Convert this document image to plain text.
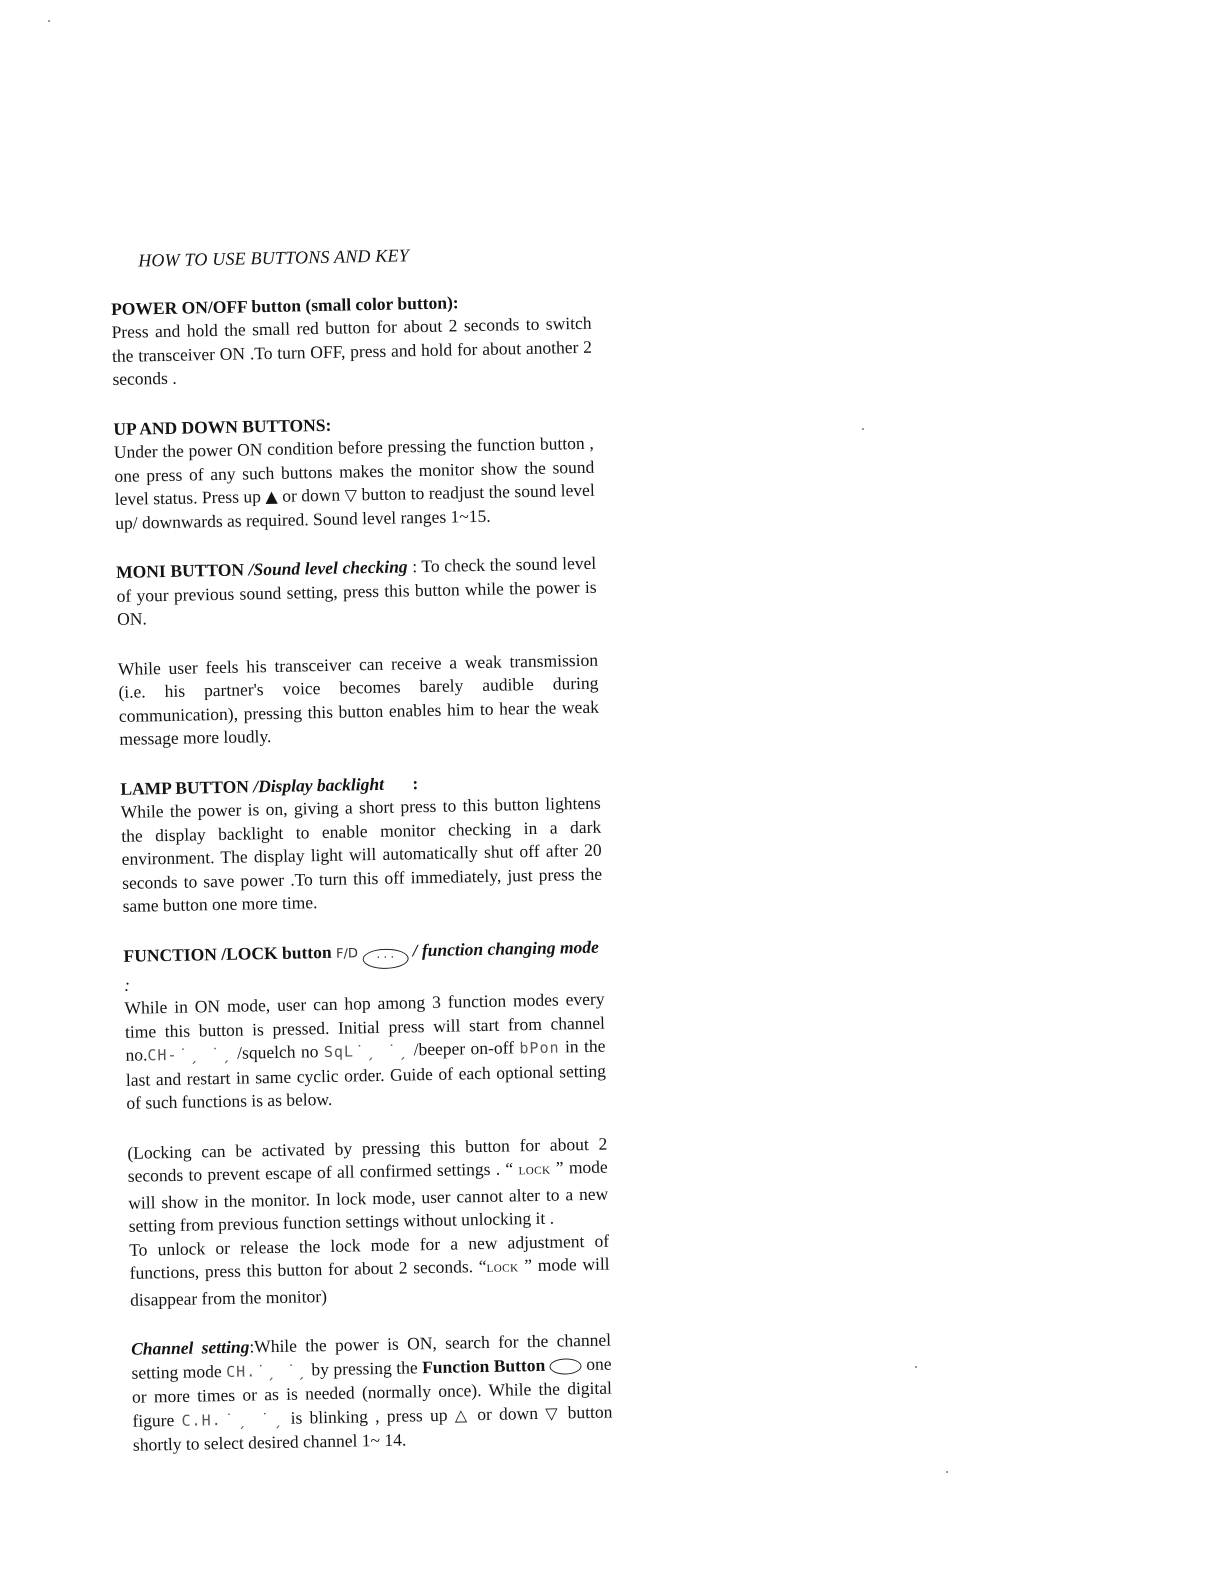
HOW TO USE BUTTONS AND KEY
POWER ON/OFF button (small color button):

Press and hold the small red button for about 2 seconds to switch the transceiver ON .To turn OFF, press and hold for about another 2 seconds .

UP AND DOWN BUTTONS:

Under the power ON condition before pressing the function button , one press of any such buttons makes the monitor show the sound level status. Press up ▲ or down ▽ button to readjust the sound level up/ downwards as required. Sound level ranges 1~15.

MONI BUTTON /Sound level checking : To check the sound level of your previous sound setting, press this button while the power is ON.

While user feels his transceiver can receive a weak transmission (i.e. his partner's voice becomes barely audible during communication), pressing this button enables him to hear the weak message more loudly.

LAMP BUTTON /Display backlight :

While the power is on, giving a short press to this button lightens the display backlight to enable monitor checking in a dark environment. The display light will automatically shut off after 20 seconds to save power .To turn this off immediately, just press the same button one more time.

FUNCTION /LOCK button F/D · · · / function changing mode :

While in ON mode, user can hop among 3 function modes every time this button is pressed. Initial press will start from channel no.CH-˙ˏ ˙ˏ /squelch no SqL˙ˏ ˙ˏ /beeper on-off bPon in the last and restart in same cyclic order. Guide of each optional setting of such functions is as below.

(Locking can be activated by pressing this button for about 2 seconds to prevent escape of all confirmed settings . “ LOCK ” mode will show in the monitor. In lock mode, user cannot alter to a new setting from previous function settings without unlocking it .

To unlock or release the lock mode for a new adjustment of functions, press this button for about 2 seconds. “LOCK ” mode will disappear from the monitor)

Channel setting:While the power is ON, search for the channel setting mode CH.˙ˏ ˙ˏ by pressing the Function Button one or more times or as is needed (normally once). While the digital figure C.H.˙ˏ ˙ˏ is blinking , press up △ or down ▽ button shortly to select desired channel 1~ 14.
